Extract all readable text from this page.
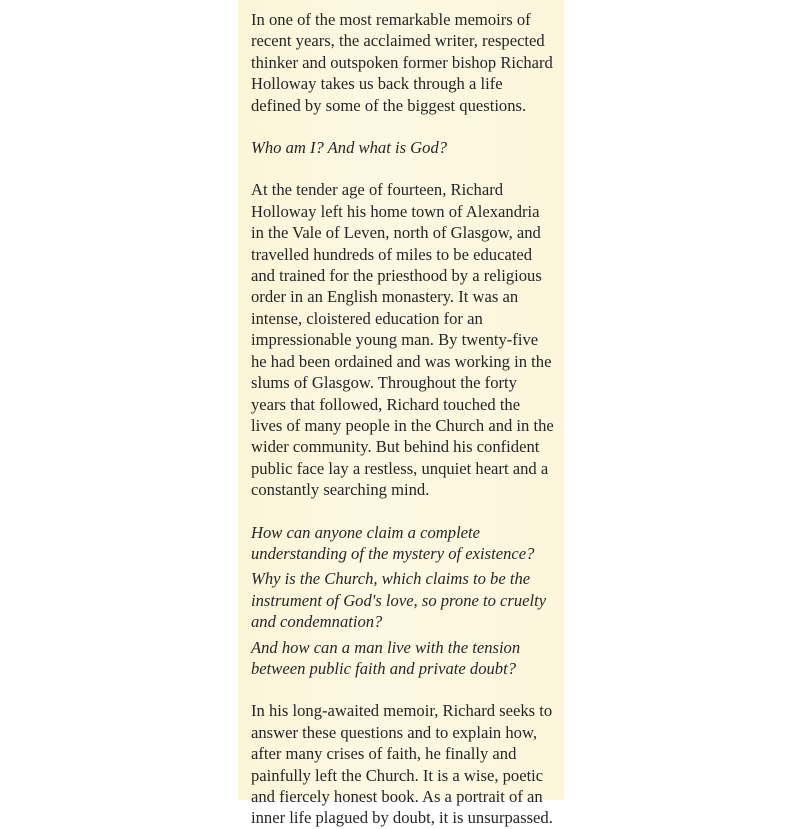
In one of the most remarkable memoirs of recent years, the acclaimed writer, respected thinker and outspoken former bishop Richard Holloway takes us back through a life defined by some of the biggest questions.

Who am I? And what is God?

At the tender age of fourteen, Richard Holloway left his home town of Alexandria in the Vale of Leven, north of Glasgow, and travelled hundreds of miles to be educated and trained for the priesthood by a religious order in an English monastery. It was an intense, cloistered education for an impressionable young man. By twenty-five he had been ordained and was working in the slums of Glasgow. Throughout the forty years that followed, Richard touched the lives of many people in the Church and in the wider community. But behind his confident public face lay a restless, unquiet heart and a constantly searching mind.

How can anyone claim a complete understanding of the mystery of existence?

Why is the Church, which claims to be the instrument of God's love, so prone to cruelty and condemnation?

And how can a man live with the tension between public faith and private doubt?

In his long-awaited memoir, Richard seeks to answer these questions and to explain how, after many crises of faith, he finally and painfully left the Church. It is a wise, poetic and fiercely honest book. As a portrait of an inner life plagued by doubt, it is unsurpassed.
